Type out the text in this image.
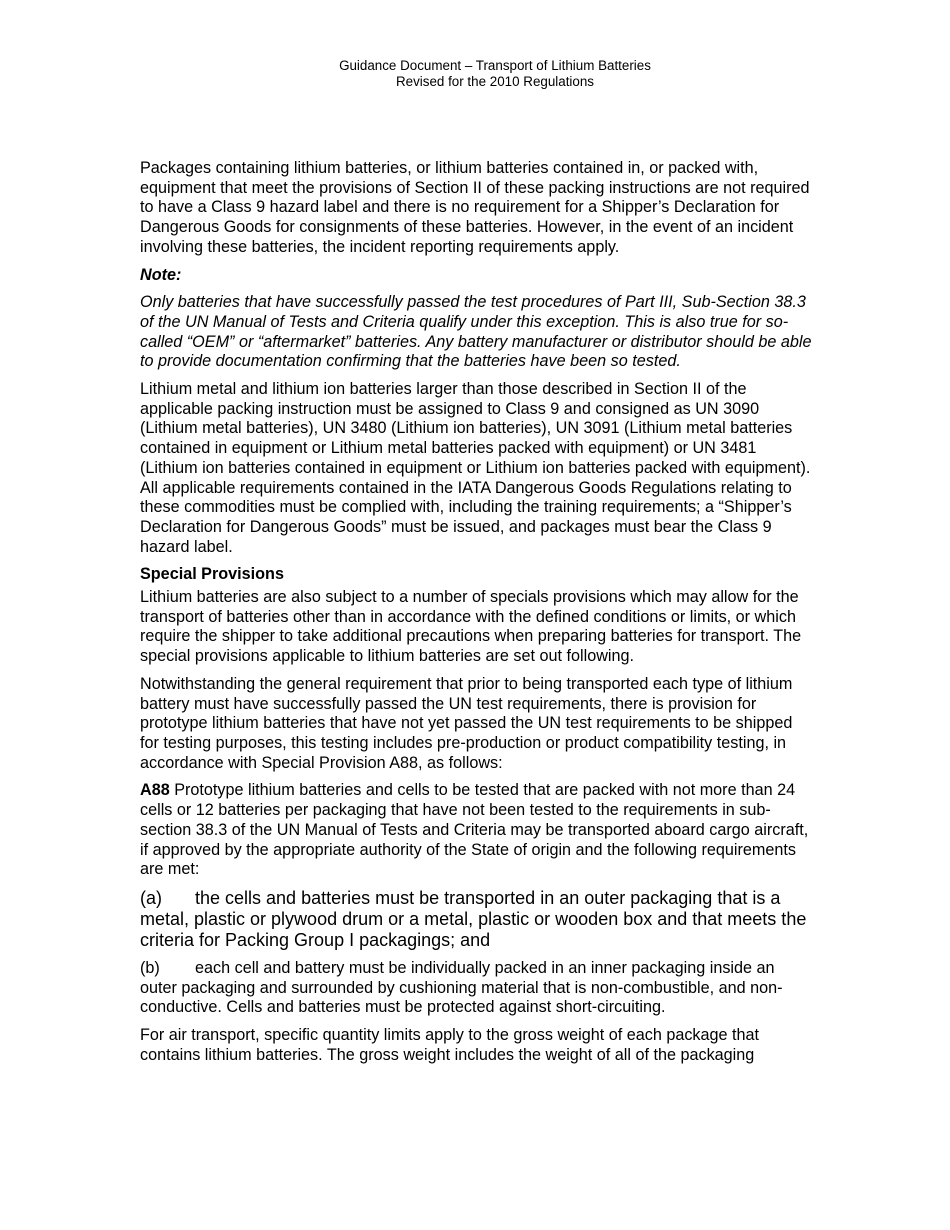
Guidance Document – Transport of Lithium Batteries
Revised for the 2010 Regulations

Packages containing lithium batteries, or lithium batteries contained in, or packed with, equipment that meet the provisions of Section II of these packing instructions are not required to have a Class 9 hazard label and there is no requirement for a Shipper’s Declaration for Dangerous Goods for consignments of these batteries. However, in the event of an incident involving these batteries, the incident reporting requirements apply.

Note:

Only batteries that have successfully passed the test procedures of Part III, Sub-Section 38.3 of the UN Manual of Tests and Criteria qualify under this exception. This is also true for so-called “OEM” or “aftermarket” batteries. Any battery manufacturer or distributor should be able to provide documentation confirming that the batteries have been so tested.

Lithium metal and lithium ion batteries larger than those described in Section II of the applicable packing instruction must be assigned to Class 9 and consigned as UN 3090 (Lithium metal batteries), UN 3480 (Lithium ion batteries), UN 3091 (Lithium metal batteries contained in equipment or Lithium metal batteries packed with equipment) or UN 3481 (Lithium ion batteries contained in equipment or Lithium ion batteries packed with equipment). All applicable requirements contained in the IATA Dangerous Goods Regulations relating to these commodities must be complied with, including the training requirements; a “Shipper’s Declaration for Dangerous Goods” must be issued, and packages must bear the Class 9 hazard label.

Special Provisions

Lithium batteries are also subject to a number of specials provisions which may allow for the transport of batteries other than in accordance with the defined conditions or limits, or which require the shipper to take additional precautions when preparing batteries for transport. The special provisions applicable to lithium batteries are set out following.

Notwithstanding the general requirement that prior to being transported each type of lithium battery must have successfully passed the UN test requirements, there is provision for prototype lithium batteries that have not yet passed the UN test requirements to be shipped for testing purposes, this testing includes pre-production or product compatibility testing, in accordance with Special Provision A88, as follows:

A88 Prototype lithium batteries and cells to be tested that are packed with not more than 24 cells or 12 batteries per packaging that have not been tested to the requirements in sub-section 38.3 of the UN Manual of Tests and Criteria may be transported aboard cargo aircraft, if approved by the appropriate authority of the State of origin and the following requirements are met:

(a) the cells and batteries must be transported in an outer packaging that is a metal, plastic or plywood drum or a metal, plastic or wooden box and that meets the criteria for Packing Group I packagings; and

(b) each cell and battery must be individually packed in an inner packaging inside an outer packaging and surrounded by cushioning material that is non-combustible, and non-conductive. Cells and batteries must be protected against short-circuiting.

For air transport, specific quantity limits apply to the gross weight of each package that contains lithium batteries. The gross weight includes the weight of all of the packaging
